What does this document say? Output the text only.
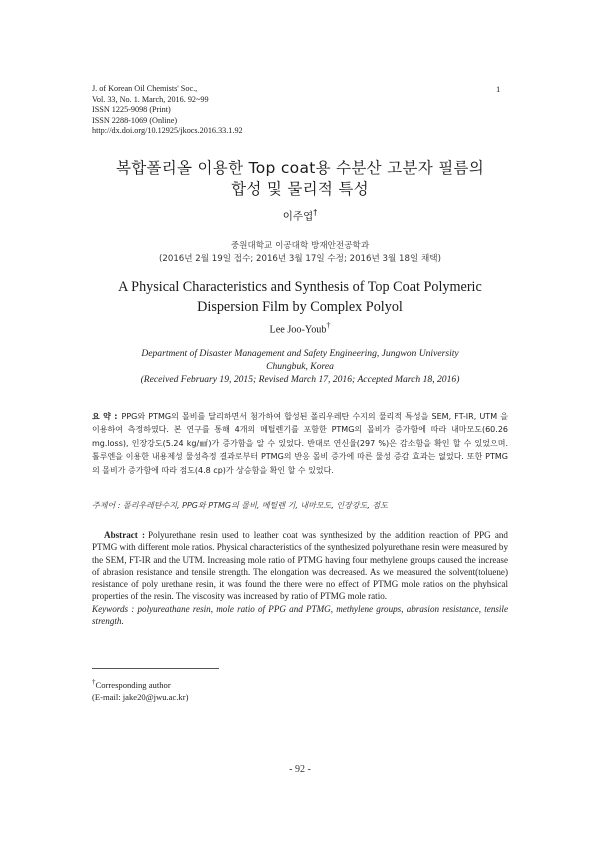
J. of Korean Oil Chemists' Soc.,
Vol. 33, No. 1. March, 2016. 92~99
ISSN 1225-9098 (Print)
ISSN 2288-1069 (Online)
http://dx.doi.org/10.12925/jkocs.2016.33.1.92
1
복합폴리올 이용한 Top coat용 수분산 고분자 필름의
합성 및 물리적 특성
이주엽†
중원대학교 이공대학 방재안전공학과
(2016년 2월 19일 접수; 2016년 3월 17일 수정; 2016년 3월 18일 채택)
A Physical Characteristics and Synthesis of Top Coat Polymeric
Dispersion Film by Complex Polyol
Lee Joo-Youb†
Department of Disaster Management and Safety Engineering, Jungwon University
Chungbuk, Korea
(Received February 19, 2015; Revised March 17, 2016; Accepted March 18, 2016)
요 약 : PPG와 PTMG의 몰비를 달리하면서 첨가하여 합성된 폴리우레탄 수지의 물리적 특성을 SEM, FT-IR, UTM 을 이용하여 측정하였다. 본 연구를 통해 4개의 메틸렌기를 포함한 PTMG의 몰비가 증가함에 따라 내마모도(60.26 mg.loss), 인장강도(5.24 kg/㎟)가 증가함을 알 수 있었다. 반대로 연신율(297 %)은 감소함을 확인 할 수 있었으며. 톨루엔을 이용한 내용제성 물성측정 결과로부터 PTMG의 반응 몰비 증가에 따른 물성 증감 효과는 없었다. 또한 PTMG의 몰비가 증가함에 따라 점도(4.8 cp)가 상승함을 확인 할 수 있었다.
주제어 : 폴리우레탄수지, PPG와 PTMG의 몰비, 메틸렌 기, 내마모도, 인장강도, 점도
Abstract : Polyurethane resin used to leather coat was synthesized by the addition reaction of PPG and PTMG with different mole ratios. Physical characteristics of the synthesized polyurethane resin were measured by the SEM, FT-IR and the UTM. Increasing mole ratio of PTMG having four methylene groups caused the increase of abrasion resistance and tensile strength. The elongation was decreased. As we measured the solvent(toluene) resistance of poly urethane resin, it was found the there were no effect of PTMG mole ratios on the phyhsical properties of the resin. The viscosity was increased by ratio of PTMG mole ratio.
Keywords : polyureathane resin, mole ratio of PPG and PTMG, methylene groups, abrasion resistance, tensile strength.
†Corresponding author
(E-mail: jake20@jwu.ac.kr)
- 92 -
